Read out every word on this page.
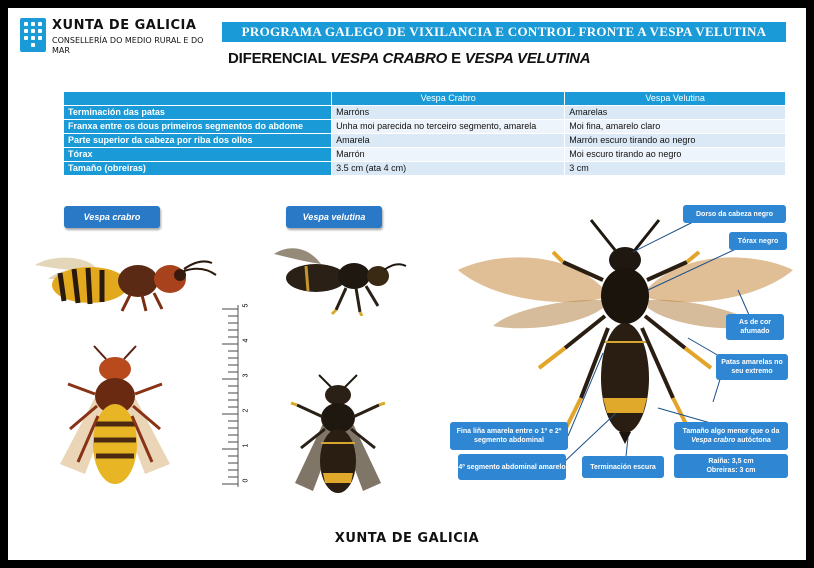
XUNTA DE GALICIA
CONSELLERÍA DO MEDIO RURAL E DO MAR
PROGRAMA GALEGO DE VIXILANCIA E CONTROL FRONTE A VESPA VELUTINA
DIFERENCIAL VESPA CRABRO E VESPA VELUTINA
	Vespa Crabro	Vespa Velutina
Terminación das patas	Marróns	Amarelas
Franxa entre os dous primeiros segmentos do abdome	Unha moi parecida no terceiro segmento, amarela	Moi fina, amarelo claro
Parte superior da cabeza por riba dos ollos	Amarela	Marrón escuro tirando ao negro
Tórax	Marrón	Moi escuro tirando ao negro
Tamaño (obreiras)	3.5 cm (ata 4 cm)	3 cm
Vespa crabro	Vespa velutina
0
1
2
3
4
5
Dorso da cabeza negro
Tórax negro
As de cor afumado
Patas amarelas no seu extremo
Fina liña amarela entre o 1º e 2º segmento abdominal
4º segmento abdominal amarelo	Terminación escura
Tamaño algo menor que o da Vespa crabro autóctona
Raíña: 3,5 cm
Obreiras: 3 cm
XUNTA DE GALICIA
